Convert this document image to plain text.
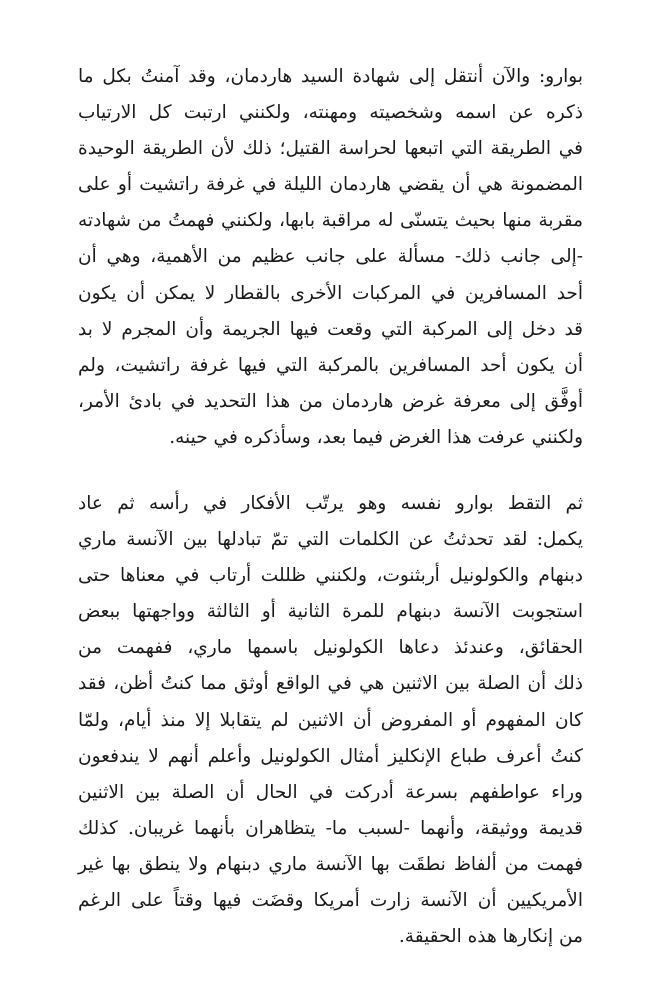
بوارو: والآن أنتقل إلى شهادة السيد هاردمان، وقد آمنتُ بكل ما
ذكره عن اسمه وشخصيته ومهنته، ولكنني ارتبت كل الارتياب
في الطريقة التي اتبعها لحراسة القتيل؛ ذلك لأن الطريقة الوحيدة
المضمونة هي أن يقضي هاردمان الليلة في غرفة راتشيت أو على
مقربة منها بحيث يتسنّى له مراقبة بابها، ولكنني فهمتُ من شهادته
-إلى جانب ذلك- مسألة على جانب عظيم من الأهمية، وهي أن
أحد المسافرين في المركبات الأخرى بالقطار لا يمكن أن يكون
قد دخل إلى المركبة التي وقعت فيها الجريمة وأن المجرم لا بد
أن يكون أحد المسافرين بالمركبة التي فيها غرفة راتشيت، ولم
أوفَّق إلى معرفة غرض هاردمان من هذا التحديد في بادئ الأمر،
ولكنني عرفت هذا الغرض فيما بعد، وسأذكره في حينه.
ثم التقط بوارو نفسه وهو يرتّب الأفكار في رأسه ثم عاد
يكمل: لقد تحدثتُ عن الكلمات التي تمّ تبادلها بين الآنسة ماري
دبنهام والكولونيل أربثنوت، ولكنني ظللت أرتاب في معناها حتى
استجوبت الآنسة دبنهام للمرة الثانية أو الثالثة وواجهتها ببعض
الحقائق، وعندئذ دعاها الكولونيل باسمها ماري، ففهمت من
ذلك أن الصلة بين الاثنين هي في الواقع أوثق مما كنتُ أظن، فقد
كان المفهوم أو المفروض أن الاثنين لم يتقابلا إلا منذ أيام، ولمّا
كنتُ أعرف طباع الإنكليز أمثال الكولونيل وأعلم أنهم لا يندفعون
وراء عواطفهم بسرعة أدركت في الحال أن الصلة بين الاثنين
قديمة ووثيقة، وأنهما -لسبب ما- يتظاهران بأنهما غريبان. كذلك
فهمت من ألفاظ نطقَت بها الآنسة ماري دبنهام ولا ينطق بها غير
الأمريكيين أن الآنسة زارت أمريكا وقضَت فيها وقتاً على الرغم
من إنكارها هذه الحقيقة.
